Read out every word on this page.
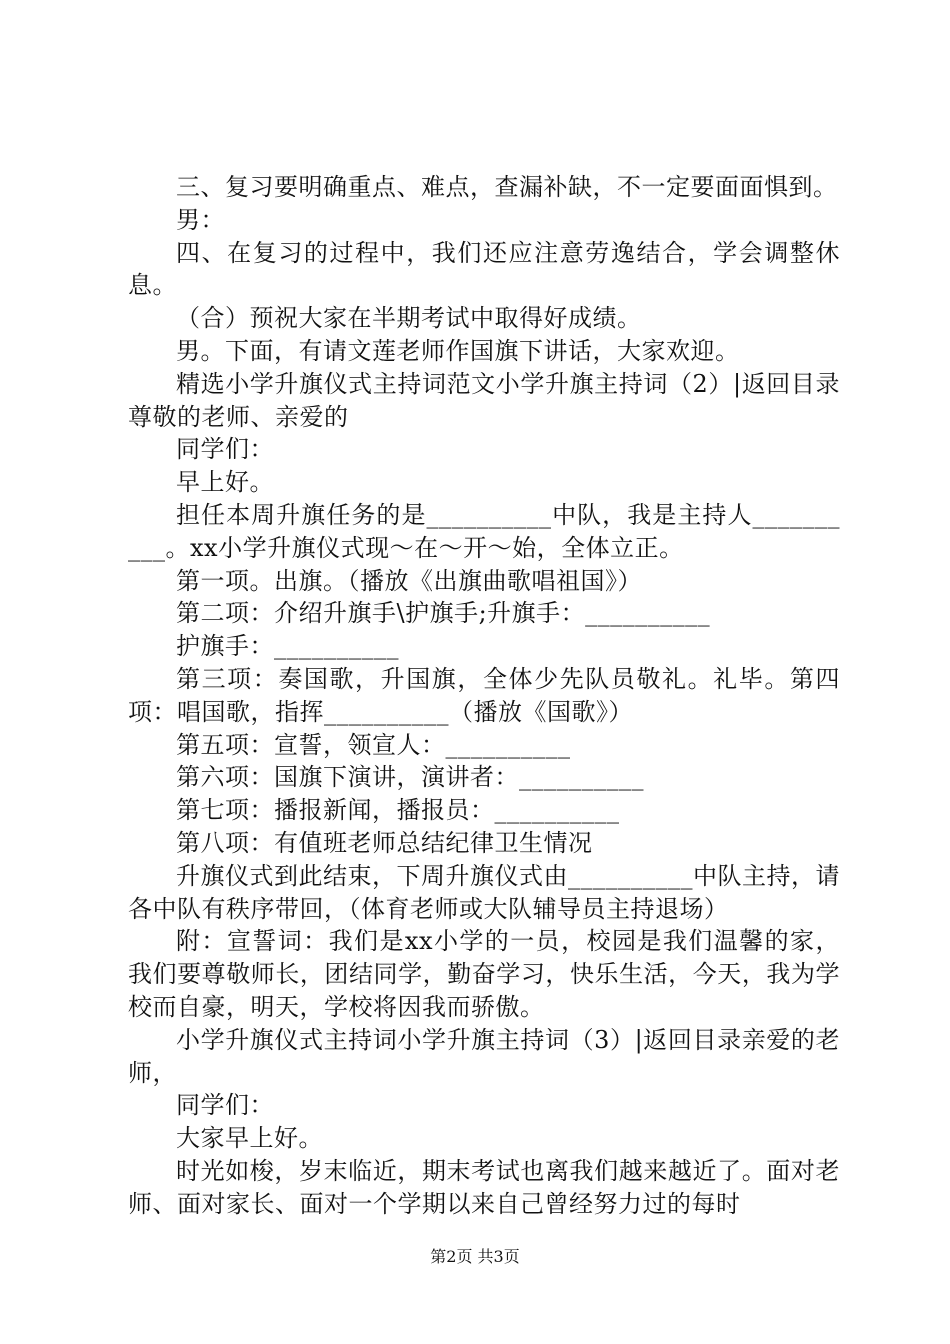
三、复习要明确重点、难点，查漏补缺，不一定要面面惧到。

男：

四、在复习的过程中，我们还应注意劳逸结合，学会调整休息。

（合）预祝大家在半期考试中取得好成绩。

男。下面，有请文莲老师作国旗下讲话，大家欢迎。

精选小学升旗仪式主持词范文小学升旗主持词（2）|返回目录尊敬的老师、亲爱的

同学们：

早上好。

担任本周升旗任务的是__________中队，我是主持人__________。xx小学升旗仪式现～在～开～始，全体立正。

第一项。出旗。（播放《出旗曲歌唱祖国》）

第二项：介绍升旗手\护旗手;升旗手：__________

护旗手：__________

第三项：奏国歌，升国旗，全体少先队员敬礼。礼毕。第四项：唱国歌，指挥__________（播放《国歌》）

第五项：宣誓，领宣人：__________

第六项：国旗下演讲，演讲者：__________

第七项：播报新闻，播报员：__________

第八项：有值班老师总结纪律卫生情况

升旗仪式到此结束，下周升旗仪式由__________中队主持，请各中队有秩序带回，（体育老师或大队辅导员主持退场）

附：宣誓词：我们是xx小学的一员，校园是我们温馨的家，我们要尊敬师长，团结同学，勤奋学习，快乐生活，今天，我为学校而自豪，明天，学校将因我而骄傲。

小学升旗仪式主持词小学升旗主持词（3）|返回目录亲爱的老师，

同学们：

大家早上好。

时光如梭，岁末临近，期末考试也离我们越来越近了。面对老师、面对家长、面对一个学期以来自己曾经努力过的每时

第2页 共3页
